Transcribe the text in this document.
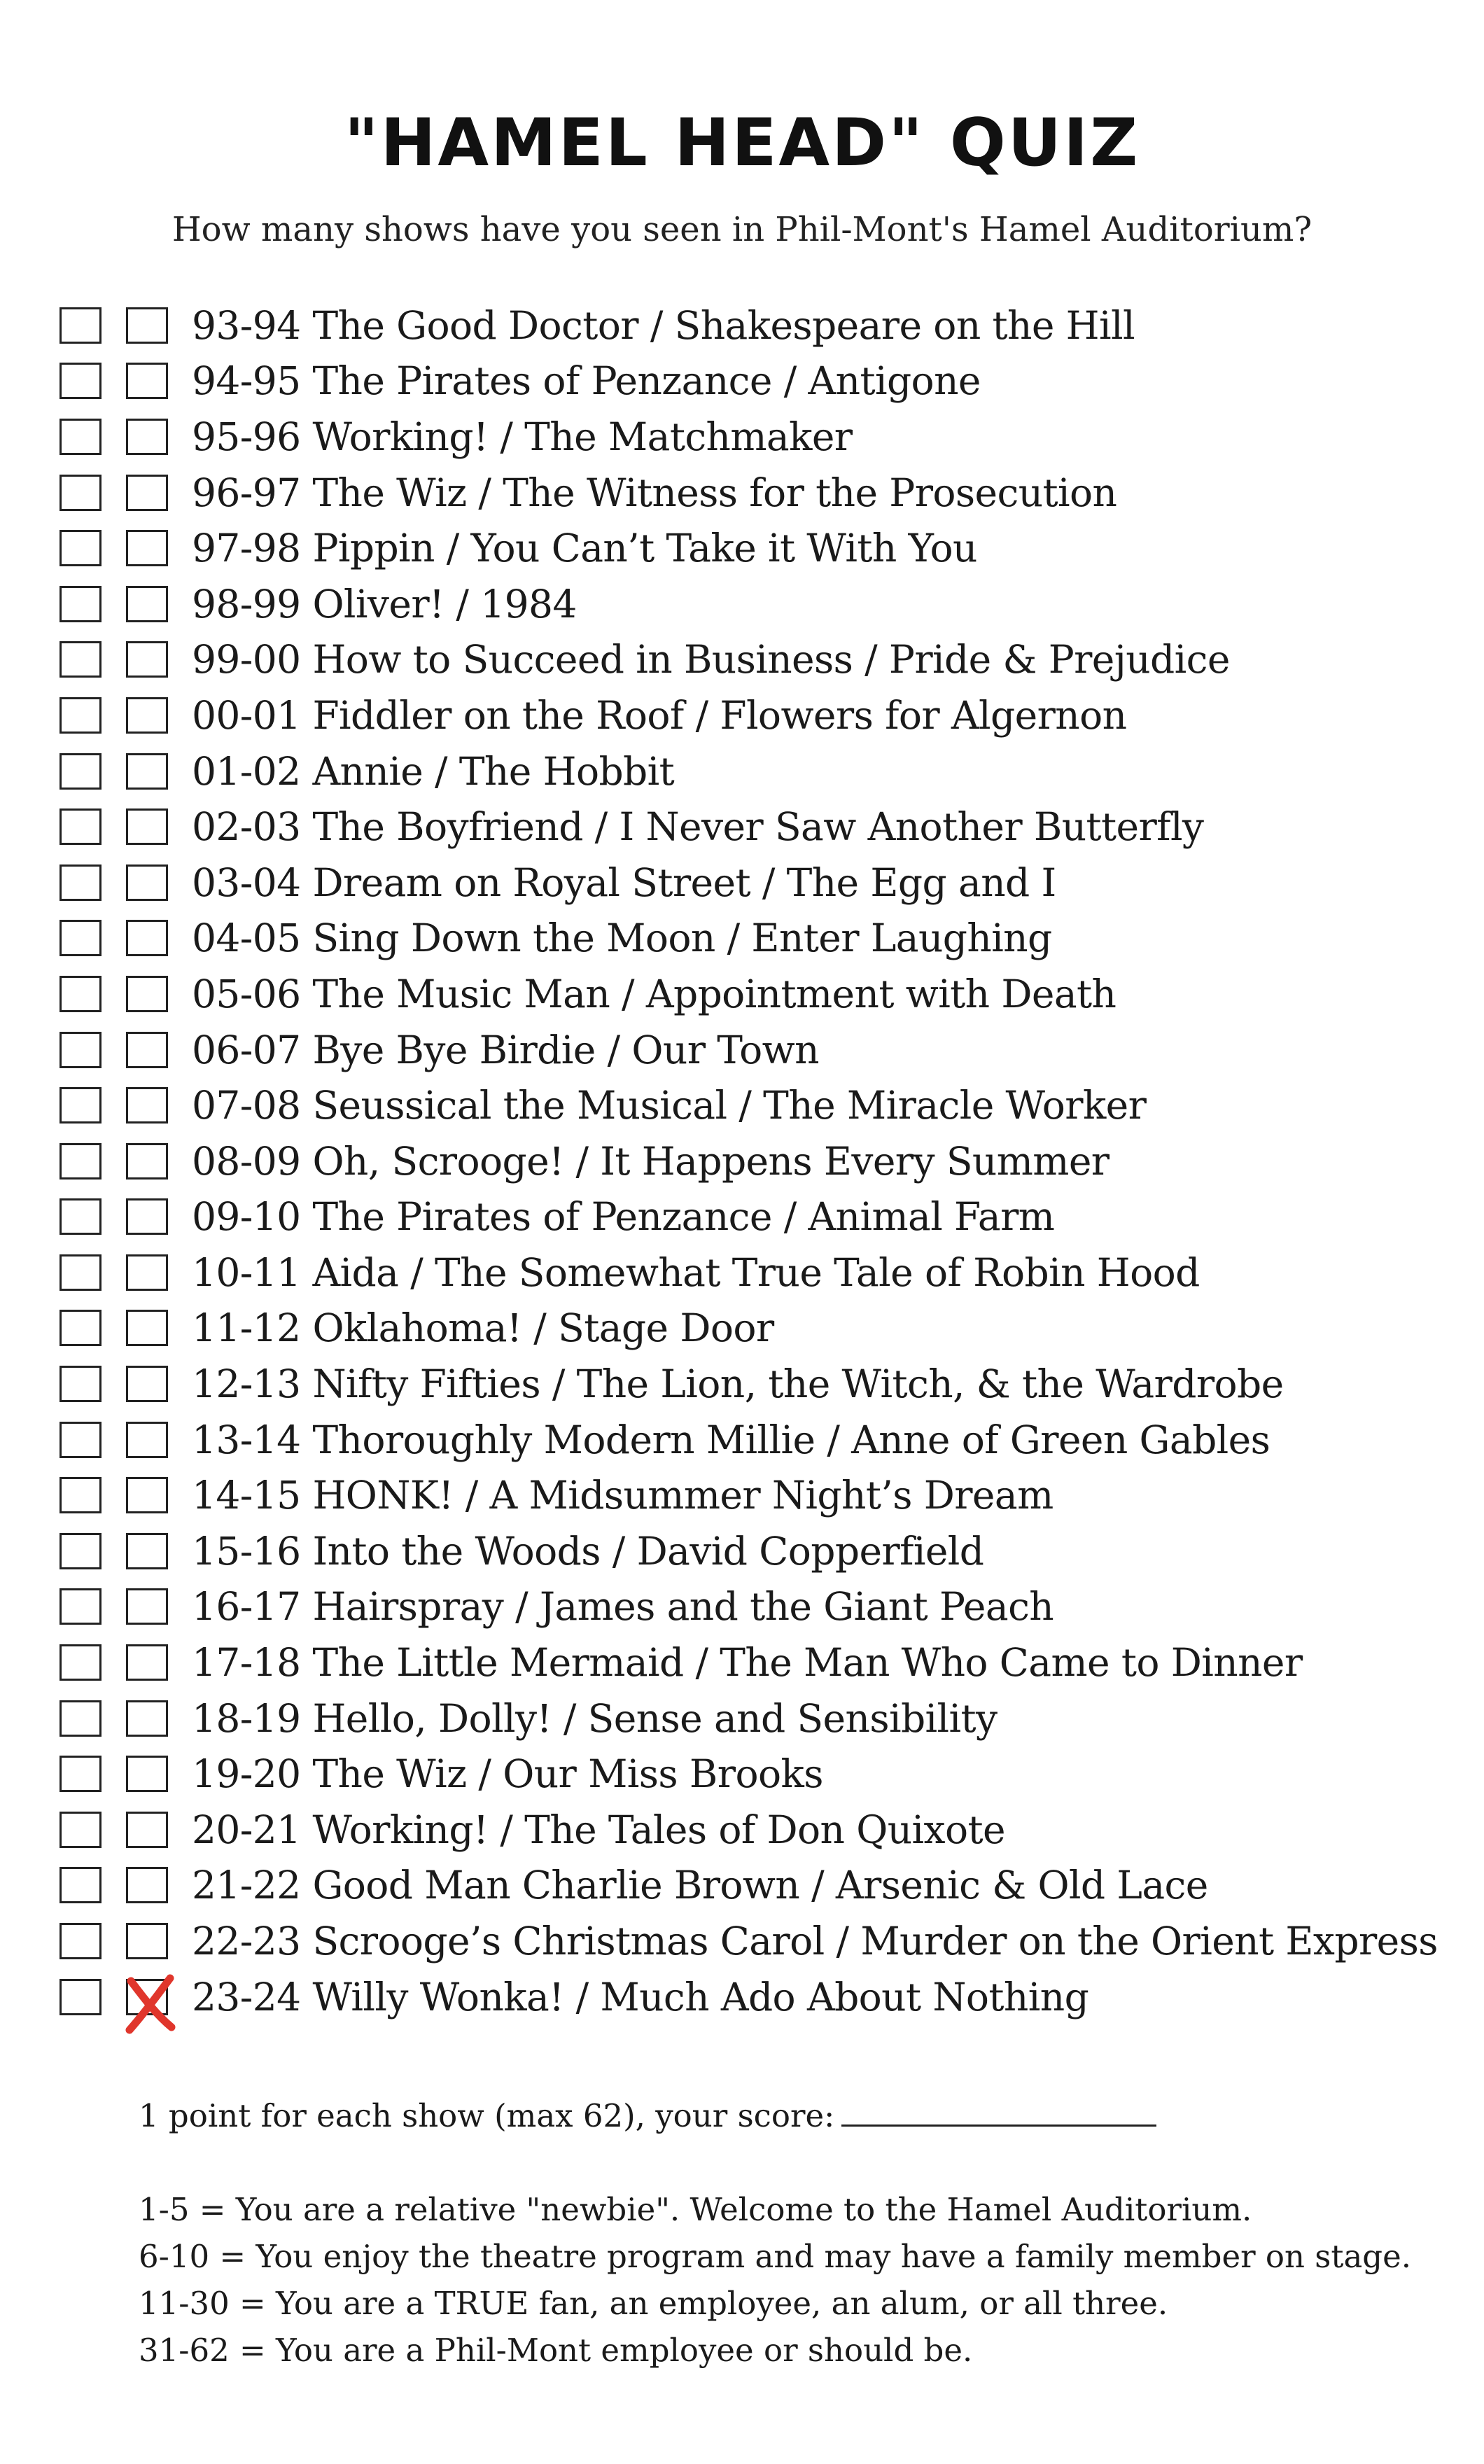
"HAMEL HEAD" QUIZ

How many shows have you seen in Phil-Mont's Hamel Auditorium?

93-94 The Good Doctor / Shakespeare on the Hill
94-95 The Pirates of Penzance / Antigone
95-96 Working! / The Matchmaker
96-97 The Wiz / The Witness for the Prosecution
97-98 Pippin / You Can’t Take it With You
98-99 Oliver! / 1984
99-00 How to Succeed in Business / Pride & Prejudice
00-01 Fiddler on the Roof / Flowers for Algernon
01-02 Annie / The Hobbit
02-03 The Boyfriend / I Never Saw Another Butterfly
03-04 Dream on Royal Street / The Egg and I
04-05 Sing Down the Moon / Enter Laughing
05-06 The Music Man / Appointment with Death
06-07 Bye Bye Birdie / Our Town
07-08 Seussical the Musical / The Miracle Worker
08-09 Oh, Scrooge! / It Happens Every Summer
09-10 The Pirates of Penzance / Animal Farm
10-11 Aida / The Somewhat True Tale of Robin Hood
11-12 Oklahoma! / Stage Door
12-13 Nifty Fifties / The Lion, the Witch, & the Wardrobe
13-14 Thoroughly Modern Millie / Anne of Green Gables
14-15 HONK! / A Midsummer Night’s Dream
15-16 Into the Woods / David Copperfield
16-17 Hairspray / James and the Giant Peach
17-18 The Little Mermaid / The Man Who Came to Dinner
18-19 Hello, Dolly! / Sense and Sensibility
19-20 The Wiz / Our Miss Brooks
20-21 Working! / The Tales of Don Quixote
21-22 Good Man Charlie Brown / Arsenic & Old Lace
22-23 Scrooge’s Christmas Carol / Murder on the Orient Express
23-24 Willy Wonka! / Much Ado About Nothing
1 point for each show (max 62), your score:
1-5 = You are a relative "newbie". Welcome to the Hamel Auditorium.
6-10 = You enjoy the theatre program and may have a family member on stage.
11-30 = You are a TRUE fan, an employee, an alum, or all three.
31-62 = You are a Phil-Mont employee or should be.
